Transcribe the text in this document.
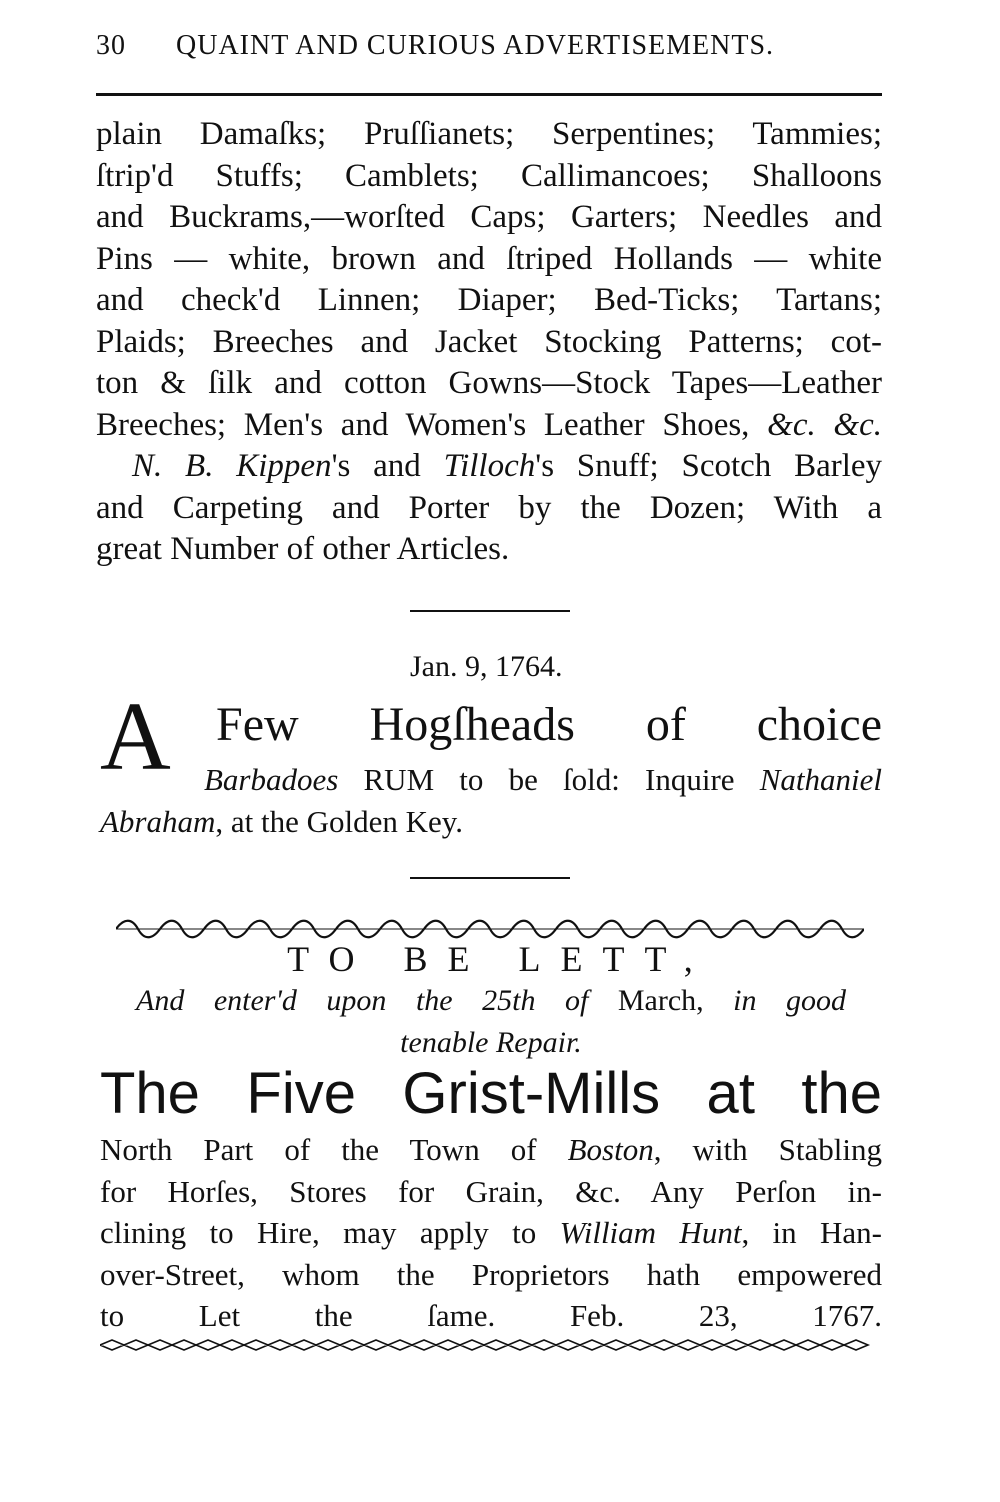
30 QUAINT AND CURIOUS ADVERTISEMENTS.
plain Damaſks; Pruſſianets; Serpentines; Tammies;
ſtrip'd Stuffs; Camblets; Callimancoes; Shalloons
and Buckrams,—worſted Caps; Garters; Needles and
Pins — white, brown and ſtriped Hollands — white
and check'd Linnen; Diaper; Bed-Ticks; Tartans;
Plaids; Breeches and Jacket Stocking Patterns; cot-
ton & ſilk and cotton Gowns—Stock Tapes—Leather
Breeches; Men's and Women's Leather Shoes, &c. &c.
N. B. Kippen's and Tilloch's Snuff; Scotch Barley
and Carpeting and Porter by the Dozen; With a
great Number of other Articles.
Jan. 9, 1764.
A Few Hogſheads of choice
Barbadoes RUM to be ſold: Inquire Nathaniel
Abraham, at the Golden Key.
TO BE LETT,
And enter'd upon the 25th of March, in good
tenable Repair.
The Five Grist-Mills at the
North Part of the Town of Boston, with Stabling
for Horſes, Stores for Grain, &c. Any Perſon in-
clining to Hire, may apply to William Hunt, in Han-
over-Street, whom the Proprietors hath empowered
to Let the ſame. Feb. 23, 1767.
